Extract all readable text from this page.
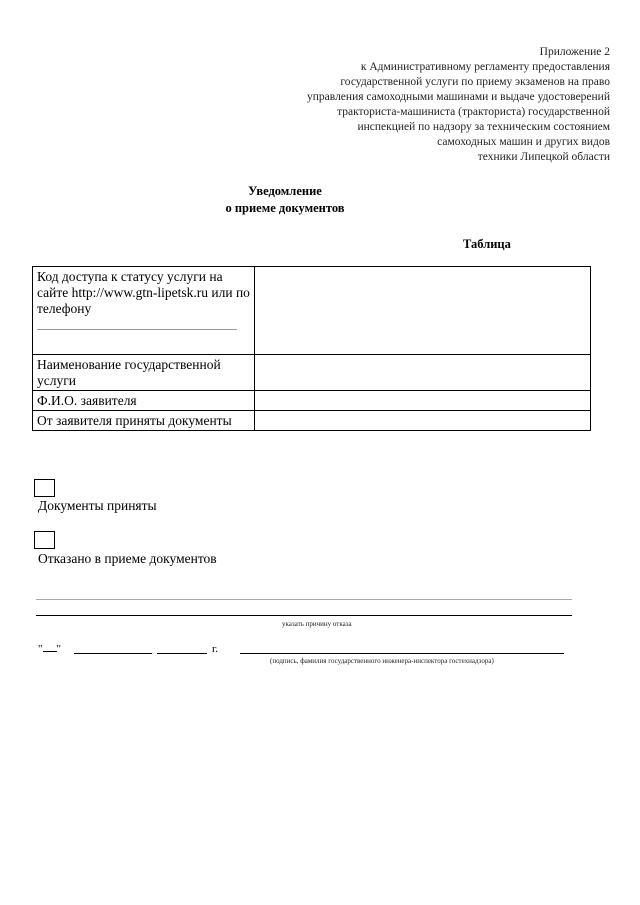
Приложение 2
к Административному регламенту предоставления
государственной услуги по приему экзаменов на право
управления самоходными машинами и выдаче удостоверений
тракториста-машиниста (тракториста) государственной
инспекцией по надзору за техническим состоянием
самоходных машин и других видов
техники Липецкой области
Уведомление
о приеме документов
Таблица
Код доступа к статусу услуги на сайте http://www.gtn-lipetsk.ru или по телефону	

Наименование государственной услуги	
Ф.И.О. заявителя	
От заявителя приняты документы	
Документы приняты
Отказано в приеме документов
указать причину отказа
" "	г.
(подпись, фамилия государственного инженера-инспектора гостехнадзора)
